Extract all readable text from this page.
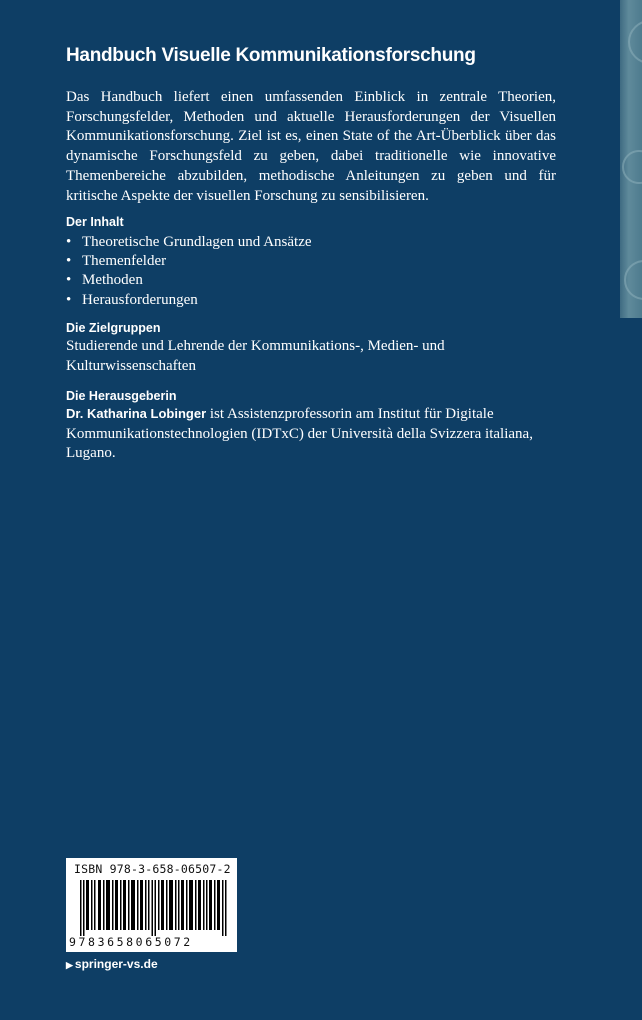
Handbuch Visuelle Kommunikationsforschung
Das Handbuch liefert einen umfassenden Einblick in zentrale Theorien, Forschungsfelder, Methoden und aktuelle Herausforderungen der Visuellen Kommunikationsforschung. Ziel ist es, einen State of the Art-Überblick über das dynamische Forschungsfeld zu geben, dabei traditionelle wie innovative Themenbereiche abzubilden, methodische Anleitungen zu geben und für kritische Aspekte der visuellen Forschung zu sensibilisieren.
Der Inhalt
• Theoretische Grundlagen und Ansätze
• Themenfelder
• Methoden
• Herausforderungen
Die Zielgruppen
Studierende und Lehrende der Kommunikations-, Medien- und Kulturwissenschaften
Die Herausgeberin
Dr. Katharina Lobinger ist Assistenzprofessorin am Institut für Digitale Kommunikationstechnologien (IDTxC) der Università della Svizzera italiana, Lugano.
ISBN 978-3-658-06507-2
9783658065072
▶ springer-vs.de
